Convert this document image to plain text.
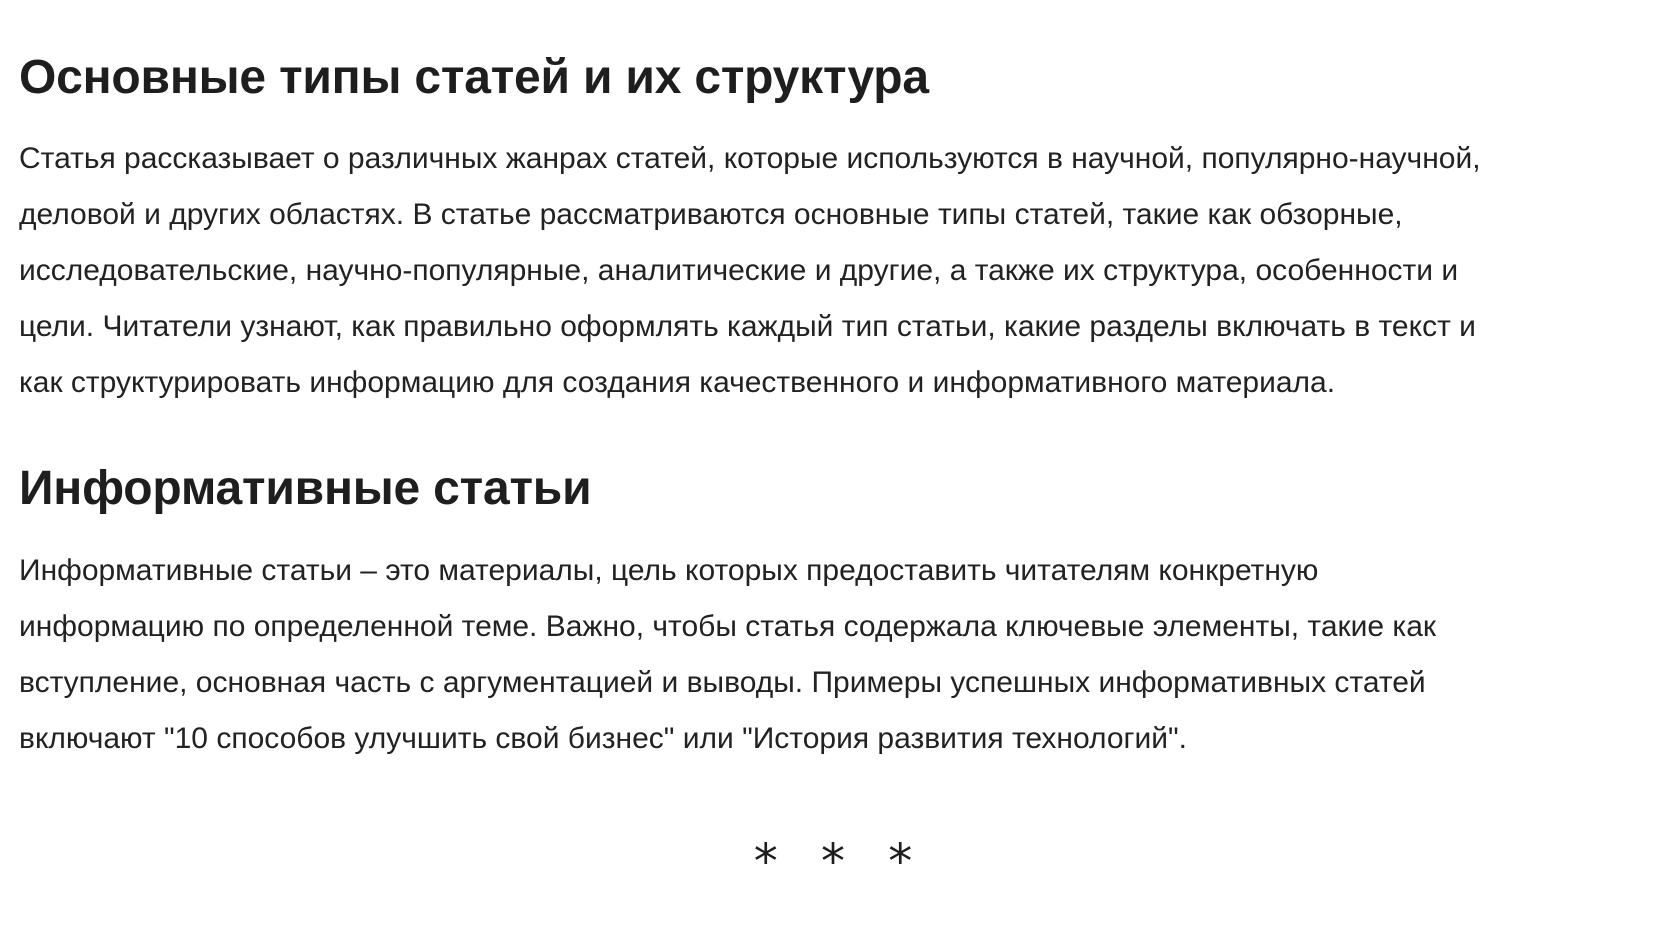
Основные типы статей и их структура

Статья рассказывает о различных жанрах статей, которые используются в научной, популярно-научной,
деловой и других областях. В статье рассматриваются основные типы статей, такие как обзорные,
исследовательские, научно-популярные, аналитические и другие, а также их структура, особенности и
цели. Читатели узнают, как правильно оформлять каждый тип статьи, какие разделы включать в текст и
как структурировать информацию для создания качественного и информативного материала.

Информативные статьи

Информативные статьи – это материалы, цель которых предоставить читателям конкретную
информацию по определенной теме. Важно, чтобы статья содержала ключевые элементы, такие как
вступление, основная часть с аргументацией и выводы. Примеры успешных информативных статей
включают "10 способов улучшить свой бизнес" или "История развития технологий".

* * *
